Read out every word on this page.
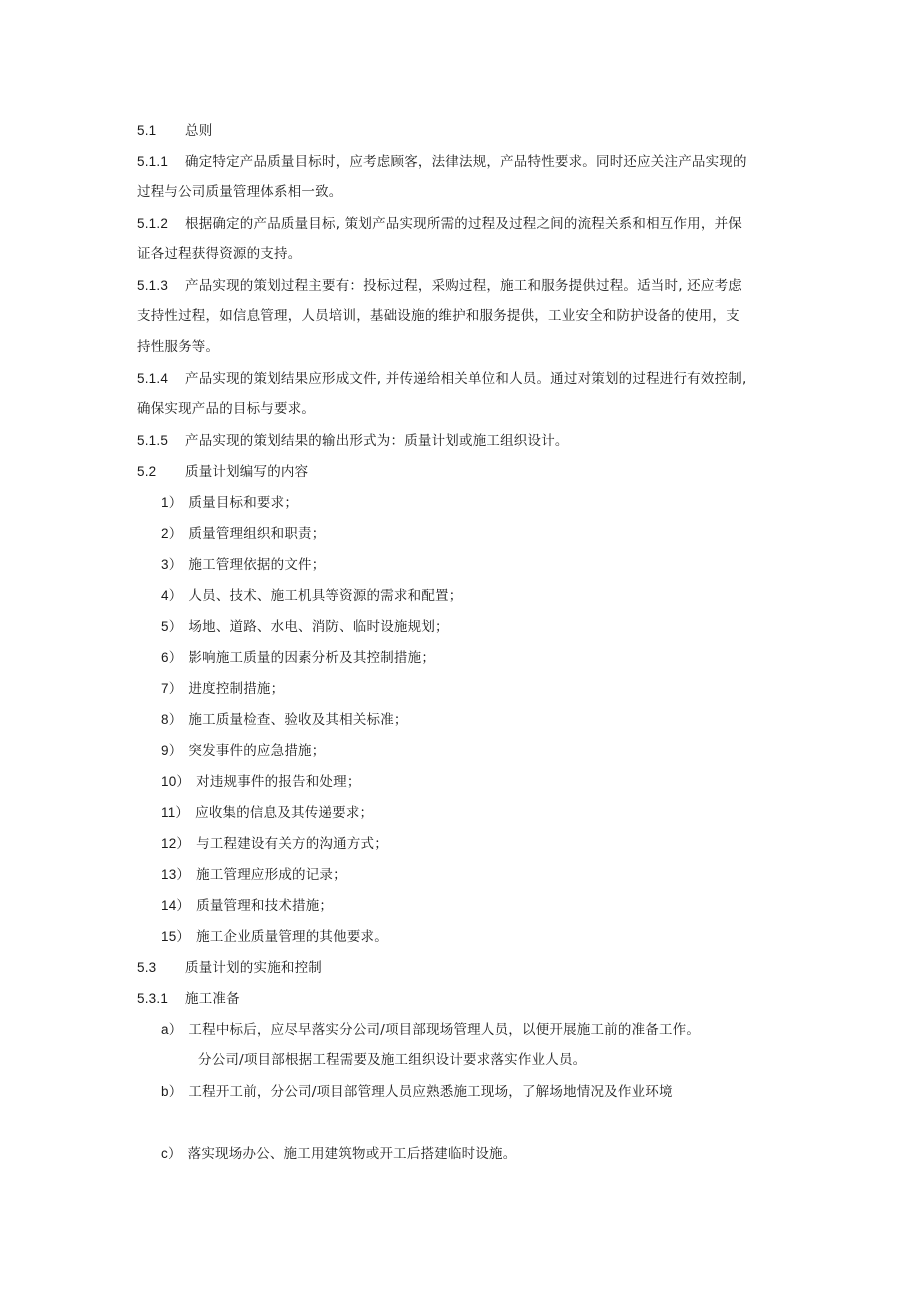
5.1 总则
5.1.1 确定特定产品质量目标时，应考虑顾客，法律法规，产品特性要求。同时还应关注产品实现的
过程与公司质量管理体系相一致。
5.1.2 根据确定的产品质量目标, 策划产品实现所需的过程及过程之间的流程关系和相互作用，并保
证各过程获得资源的支持。
5.1.3 产品实现的策划过程主要有：投标过程，采购过程，施工和服务提供过程。适当时, 还应考虑
支持性过程，如信息管理，人员培训，基础设施的维护和服务提供，工业安全和防护设备的使用，支
持性服务等。
5.1.4 产品实现的策划结果应形成文件, 并传递给相关单位和人员。通过对策划的过程进行有效控制,
确保实现产品的目标与要求。
5.1.5 产品实现的策划结果的输出形式为：质量计划或施工组织设计。
5.2 质量计划编写的内容
1） 质量目标和要求；
2） 质量管理组织和职责；
3） 施工管理依据的文件；
4） 人员、技术、施工机具等资源的需求和配置；
5） 场地、道路、水电、消防、临时设施规划；
6） 影响施工质量的因素分析及其控制措施；
7） 进度控制措施；
8） 施工质量检查、验收及其相关标准；
9） 突发事件的应急措施；
10） 对违规事件的报告和处理；
11） 应收集的信息及其传递要求；
12） 与工程建设有关方的沟通方式；
13） 施工管理应形成的记录；
14） 质量管理和技术措施；
15） 施工企业质量管理的其他要求。
5.3 质量计划的实施和控制
5.3.1 施工准备
a） 工程中标后，应尽早落实分公司/项目部现场管理人员，以便开展施工前的准备工作。
分公司/项目部根据工程需要及施工组织设计要求落实作业人员。
b） 工程开工前，分公司/项目部管理人员应熟悉施工现场，了解场地情况及作业环境
c） 落实现场办公、施工用建筑物或开工后搭建临时设施。
